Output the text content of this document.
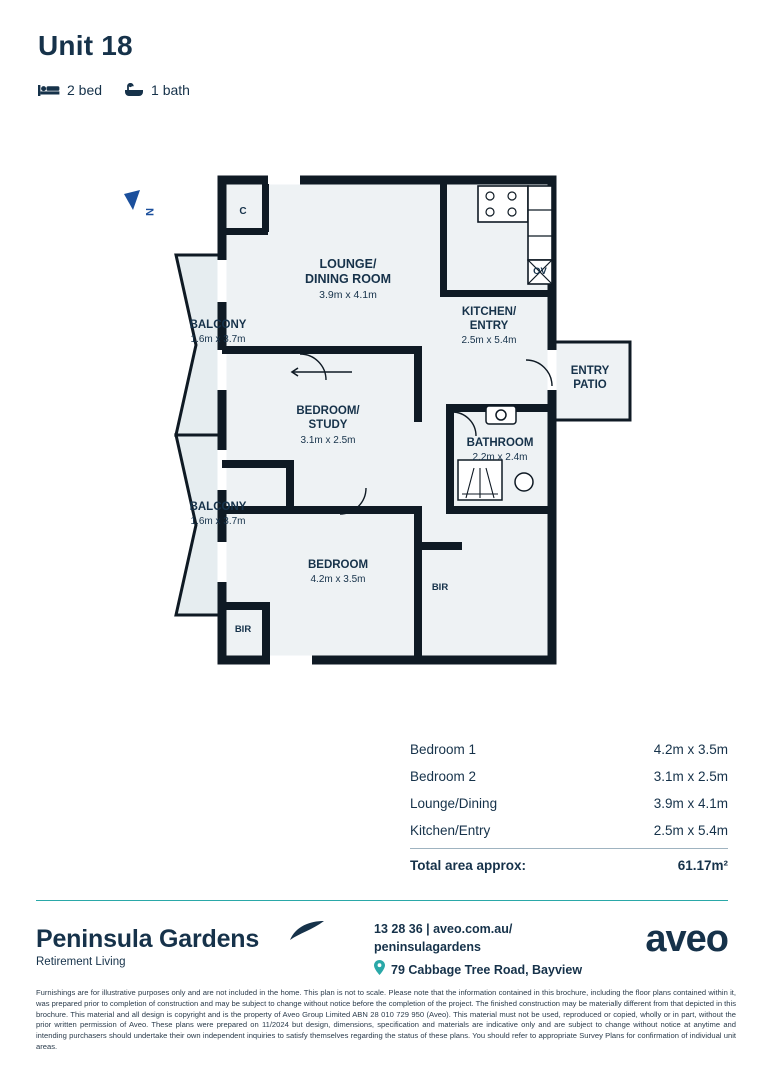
Unit 18
2 bed	1 bath
N
LOUNGE/
DINING ROOM
3.9m x 4.1m
KITCHEN/
ENTRY
2.5m x 5.4m
BALCONY
1.6m x 3.7m
BALCONY
1.6m x 3.7m
BEDROOM/
STUDY
3.1m x 2.5m
BEDROOM
4.2m x 3.5m
BATHROOM
2.2m x 2.4m
ENTRY
PATIO
C
OV
BIR
BIR
Bedroom 1	4.2m x 3.5m
Bedroom 2	3.1m x 2.5m
Lounge/Dining	3.9m x 4.1m
Kitchen/Entry	2.5m x 5.4m
Total area approx:	61.17m²
Peninsula Gardens
Retirement Living
13 28 36 | aveo.com.au/
peninsulagardens
79 Cabbage Tree Road, Bayview
aveo
Furnishings are for illustrative purposes only and are not included in the home. This plan is not to scale. Please note that the information contained in this brochure, including the floor plans contained within it, was prepared prior to completion of construction and may be subject to change without notice before the completion of the project. The finished construction may be materially different from that depicted in this brochure. This material and all design is copyright and is the property of Aveo Group Limited ABN 28 010 729 950 (Aveo). This material must not be used, reproduced or copied, wholly or in part, without the prior written permission of Aveo. These plans were prepared on 11/2024 but design, dimensions, specification and materials are indicative only and are subject to change without notice at anytime and intending purchasers should undertake their own independent inquiries to satisfy themselves regarding the status of these plans. You should refer to appropriate Survey Plans for confirmation of individual unit areas.
